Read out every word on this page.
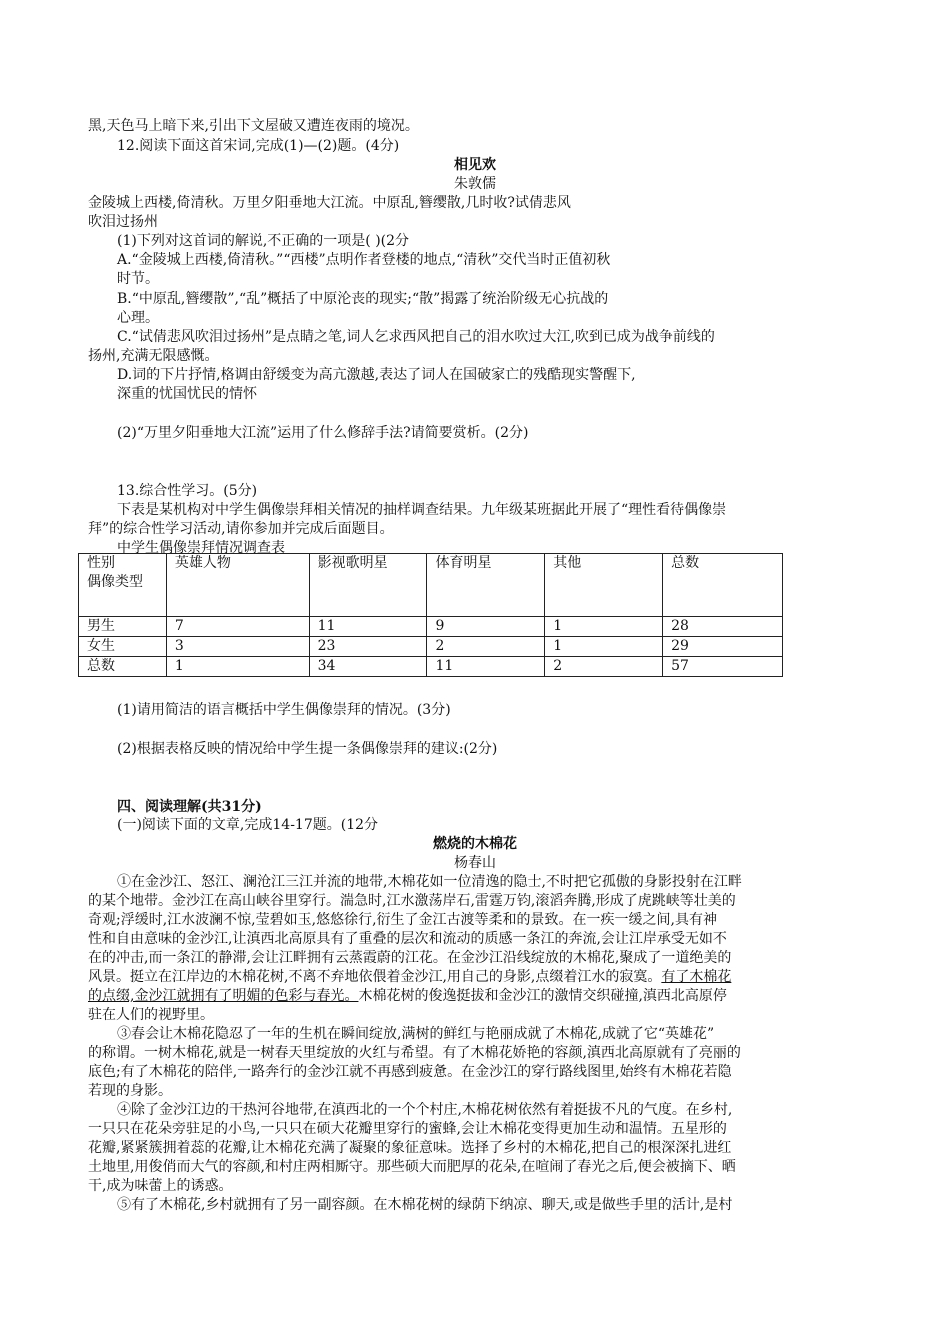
黑,天色马上暗下来,引出下文屋破又遭连夜雨的境况。
12.阅读下面这首宋词,完成(1)—(2)题。(4分)
相见欢
朱敦儒
金陵城上西楼,倚清秋。万里夕阳垂地大江流。中原乱,簪缨散,几时收?试倩悲风
吹泪过扬州
(1)下列对这首词的解说,不正确的一项是( )(2分
A.“金陵城上西楼,倚清秋。”“西楼”点明作者登楼的地点,“清秋”交代当时正值初秋
时节。
B.“中原乱,簪缨散”,“乱”概括了中原沦丧的现实;“散”揭露了统治阶级无心抗战的
心理。
C.“试倩悲风吹泪过扬州”是点睛之笔,词人乞求西风把自己的泪水吹过大江,吹到已成为战争前线的
扬州,充满无限感慨。
D.词的下片抒情,格调由舒缓变为高亢激越,表达了词人在国破家亡的残酷现实警醒下,
深重的忧国忧民的情怀
(2)“万里夕阳垂地大江流”运用了什么修辞手法?请简要赏析。(2分)
13.综合性学习。(5分)
下表是某机构对中学生偶像崇拜相关情况的抽样调查结果。九年级某班据此开展了“理性看待偶像崇
拜”的综合性学习活动,请你参加并完成后面题目。
中学生偶像崇拜情况调查表
性别
偶像类型	英雄人物	影视歌明星	体育明星	其他	总数
男生	7	11	9	1	28
女生	3	23	2	1	29
总数	1	34	11	2	57
(1)请用简洁的语言概括中学生偶像崇拜的情况。(3分)
(2)根据表格反映的情况给中学生提一条偶像崇拜的建议:(2分)
四、阅读理解(共31分)
(一)阅读下面的文章,完成14-17题。(12分
燃烧的木棉花
杨春山
①在金沙江、怒江、澜沧江三江并流的地带,木棉花如一位清逸的隐士,不时把它孤傲的身影投射在江畔
的某个地带。金沙江在高山峡谷里穿行。湍急时,江水激荡岸石,雷霆万钧,滚滔奔腾,形成了虎跳峡等壮美的
奇观;浮缓时,江水波澜不惊,莹碧如玉,悠悠徐行,衍生了金江古渡等柔和的景致。在一疾一缓之间,具有神
性和自由意味的金沙江,让滇西北高原具有了重叠的层次和流动的质感一条江的奔流,会让江岸承受无如不
在的冲击,而一条江的静滞,会让江畔拥有云蒸霞蔚的江花。在金沙江沿线绽放的木棉花,聚成了一道绝美的
风景。挺立在江岸边的木棉花树,不离不弃地依偎着金沙江,用自己的身影,点缀着江水的寂寞。有了木棉花
的点缀,金沙江就拥有了明媚的色彩与春光。木棉花树的俊逸挺拔和金沙江的激情交织碰撞,滇西北高原停
驻在人们的视野里。
③春会让木棉花隐忍了一年的生机在瞬间绽放,满树的鲜红与艳丽成就了木棉花,成就了它“英雄花”
的称谓。一树木棉花,就是一树春天里绽放的火红与希望。有了木棉花娇艳的容颜,滇西北高原就有了亮丽的
底色;有了木棉花的陪伴,一路奔行的金沙江就不再感到疲惫。在金沙江的穿行路线图里,始终有木棉花若隐
若现的身影。
④除了金沙江边的干热河谷地带,在滇西北的一个个村庄,木棉花树依然有着挺拔不凡的气度。在乡村,
一只只在花朵旁驻足的小鸟,一只只在硕大花瓣里穿行的蜜蜂,会让木棉花变得更加生动和温情。五星形的
花瓣,紧紧簇拥着蕊的花瓣,让木棉花充满了凝聚的象征意味。选择了乡村的木棉花,把自己的根深深扎进红
土地里,用俊俏而大气的容颜,和村庄两相厮守。那些硕大而肥厚的花朵,在喧闹了春光之后,便会被摘下、晒
干,成为味蕾上的诱惑。
⑤有了木棉花,乡村就拥有了另一副容颜。在木棉花树的绿荫下纳凉、聊天,或是做些手里的活计,是村
